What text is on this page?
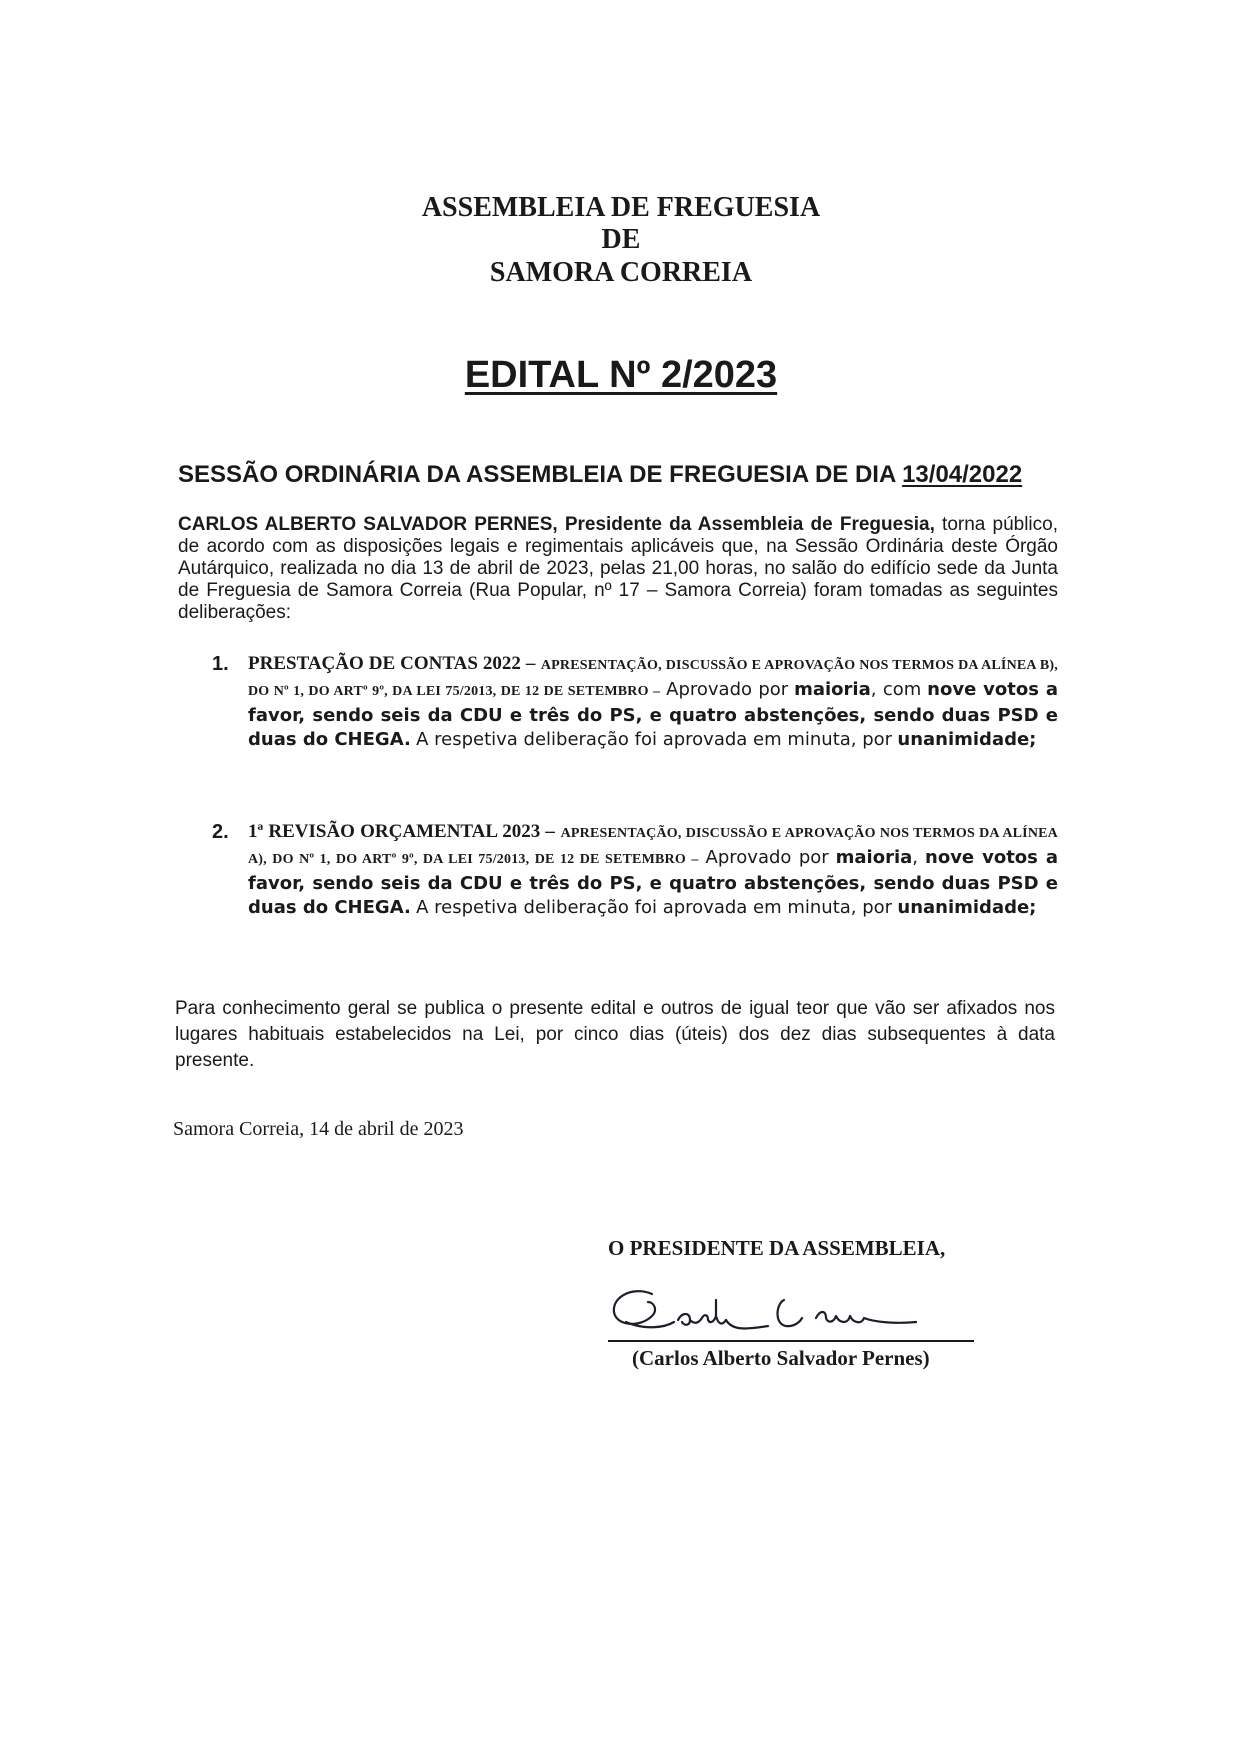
ASSEMBLEIA DE FREGUESIA
DE
SAMORA CORREIA
EDITAL Nº 2/2023
SESSÃO ORDINÁRIA DA ASSEMBLEIA DE FREGUESIA DE DIA 13/04/2022
CARLOS ALBERTO SALVADOR PERNES, Presidente da Assembleia de Freguesia, torna público, de acordo com as disposições legais e regimentais aplicáveis que, na Sessão Ordinária deste Órgão Autárquico, realizada no dia 13 de abril de 2023, pelas 21,00 horas, no salão do edifício sede da Junta de Freguesia de Samora Correia (Rua Popular, nº 17 – Samora Correia) foram tomadas as seguintes deliberações:
1. PRESTAÇÃO DE CONTAS 2022 – APRESENTAÇÃO, DISCUSSÃO E APROVAÇÃO NOS TERMOS DA ALÍNEA B), DO Nº 1, DO ARTº 9º, DA LEI 75/2013, DE 12 DE SETEMBRO – Aprovado por maioria, com nove votos a favor, sendo seis da CDU e três do PS, e quatro abstenções, sendo duas PSD e duas do CHEGA. A respetiva deliberação foi aprovada em minuta, por unanimidade;
2. 1ª REVISÃO ORÇAMENTAL 2023 – APRESENTAÇÃO, DISCUSSÃO E APROVAÇÃO NOS TERMOS DA ALÍNEA A), DO Nº 1, DO ARTº 9º, DA LEI 75/2013, DE 12 DE SETEMBRO – Aprovado por maioria, nove votos a favor, sendo seis da CDU e três do PS, e quatro abstenções, sendo duas PSD e duas do CHEGA. A respetiva deliberação foi aprovada em minuta, por unanimidade;
Para conhecimento geral se publica o presente edital e outros de igual teor que vão ser afixados nos lugares habituais estabelecidos na Lei, por cinco dias (úteis) dos dez dias subsequentes à data presente.
Samora Correia, 14 de abril de 2023
O PRESIDENTE DA ASSEMBLEIA,
(Carlos Alberto Salvador Pernes)
